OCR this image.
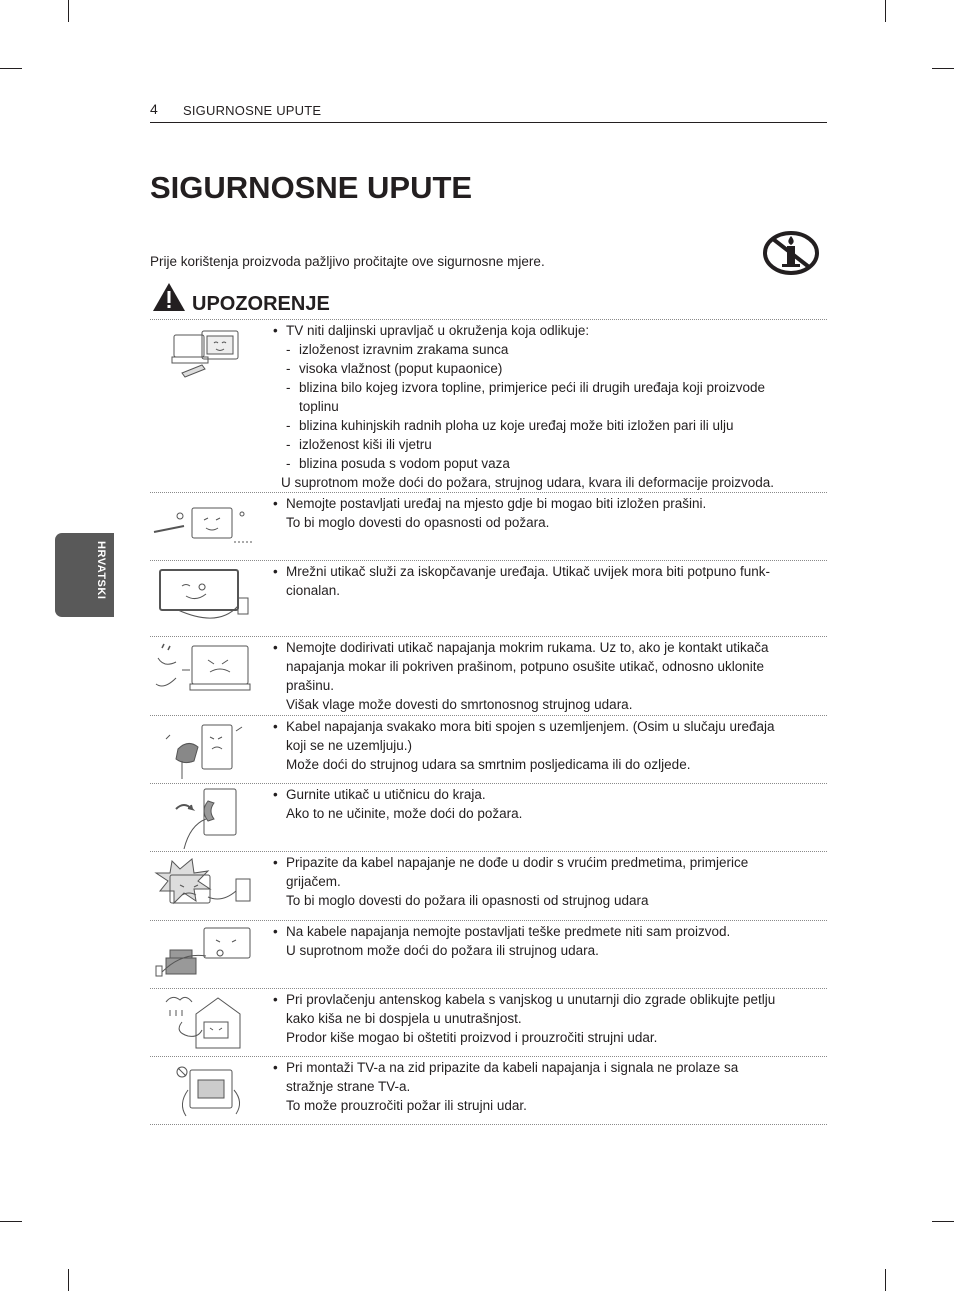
4 SIGURNOSNE UPUTE
HRVATSKI
SIGURNOSNE UPUTE
Prije korištenja proizvoda pažljivo pročitajte ove sigurnosne mjere.
UPOZORENJE

• TV niti daljinski upravljač u okruženja koja odlikuje:

- izloženost izravnim zrakama sunca

- visoka vlažnost (poput kupaonice)

- blizina bilo kojeg izvora topline, primjerice peći ili drugih uređaja koji proizvode

toplinu

- blizina kuhinjskih radnih ploha uz koje uređaj može biti izložen pari ili ulju

- izloženost kiši ili vjetru

- blizina posuda s vodom poput vaza

U suprotnom može doći do požara, strujnog udara, kvara ili deformacije proizvoda.

• Nemojte postavljati uređaj na mjesto gdje bi mogao biti izložen prašini.

To bi moglo dovesti do opasnosti od požara.

• Mrežni utikač služi za iskopčavanje uređaja. Utikač uvijek mora biti potpuno funk-

cionalan.

• Nemojte dodirivati utikač napajanja mokrim rukama. Uz to, ako je kontakt utikača

napajanja mokar ili pokriven prašinom, potpuno osušite utikač, odnosno uklonite

prašinu.

Višak vlage može dovesti do smrtonosnog strujnog udara.

• Kabel napajanja svakako mora biti spojen s uzemljenjem. (Osim u slučaju uređaja

koji se ne uzemljuju.)

Može doći do strujnog udara sa smrtnim posljedicama ili do ozljede.

• Gurnite utikač u utičnicu do kraja.

Ako to ne učinite, može doći do požara.

• Pripazite da kabel napajanje ne dođe u dodir s vrućim predmetima, primjerice

grijačem.

To bi moglo dovesti do požara ili opasnosti od strujnog udara

• Na kabele napajanja nemojte postavljati teške predmete niti sam proizvod.

U suprotnom može doći do požara ili strujnog udara.

• Pri provlačenju antenskog kabela s vanjskog u unutarnji dio zgrade oblikujte petlju

kako kiša ne bi dospjela u unutrašnjost.

Prodor kiše mogao bi oštetiti proizvod i prouzročiti strujni udar.

• Pri montaži TV-a na zid pripazite da kabeli napajanja i signala ne prolaze sa

stražnje strane TV-a.

To može prouzročiti požar ili strujni udar.
